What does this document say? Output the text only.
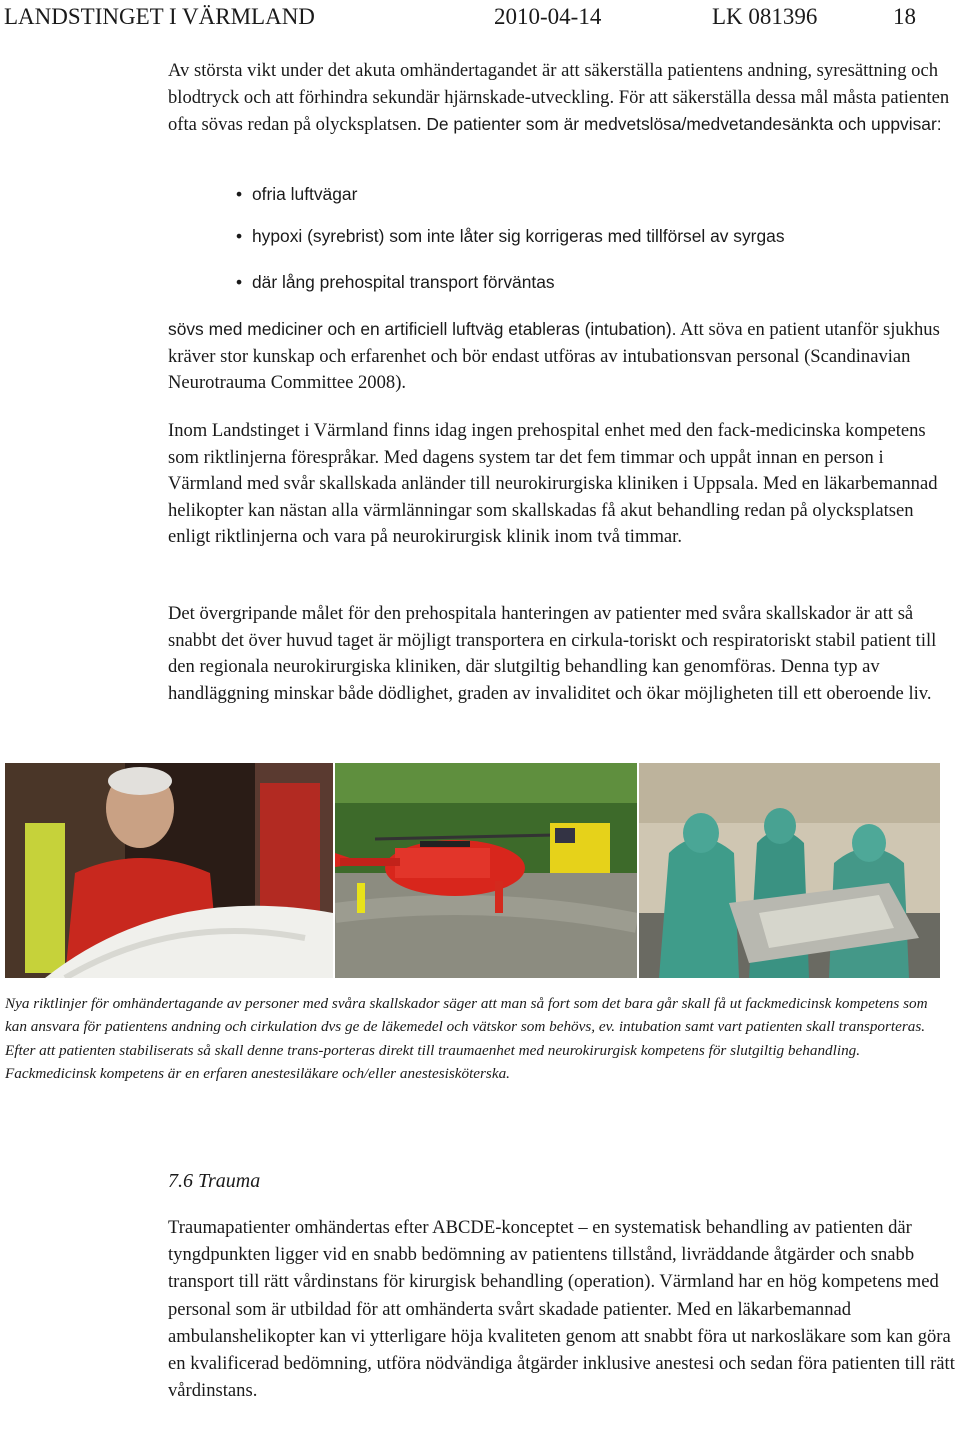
LANDSTINGET I VÄRMLAND	2010-04-14	LK 081396	18

Av största vikt under det akuta omhändertagandet är att säkerställa patientens andning, syresättning och blodtryck och att förhindra sekundär hjärnskade-utveckling. För att säkerställa dessa mål måsta patienten ofta sövas redan på olycksplatsen. De patienter som är medvetslösa/medvetandesänkta och uppvisar:

• ofria luftvägar
• hypoxi (syrebrist) som inte låter sig korrigeras med tillförsel av syrgas
• där lång prehospital transport förväntas

sövs med mediciner och en artificiell luftväg etableras (intubation). Att söva en patient utanför sjukhus kräver stor kunskap och erfarenhet och bör endast utföras av intubationsvan personal (Scandinavian Neurotrauma Committee 2008).

Inom Landstinget i Värmland finns idag ingen prehospital enhet med den fack-medicinska kompetens som riktlinjerna förespråkar. Med dagens system tar det fem timmar och uppåt innan en person i Värmland med svår skallskada anländer till neurokirurgiska kliniken i Uppsala. Med en läkarbemannad helikopter kan nästan alla värmlänningar som skallskadas få akut behandling redan på olycksplatsen enligt riktlinjerna och vara på neurokirurgisk klinik inom två timmar.

Det övergripande målet för den prehospitala hanteringen av patienter med svåra skallskador är att så snabbt det över huvud taget är möjligt transportera en cirkula-toriskt och respiratoriskt stabil patient till den regionala neurokirurgiska kliniken, där slutgiltig behandling kan genomföras. Denna typ av handläggning minskar både dödlighet, graden av invaliditet och ökar möjligheten till ett oberoende liv.

Nya riktlinjer för omhändertagande av personer med svåra skallskador säger att man så fort som det bara går skall få ut fackmedicinsk kompetens som kan ansvara för patientens andning och cirkulation dvs ge de läkemedel och vätskor som behövs, ev. intubation samt vart patienten skall transporteras. Efter att patienten stabiliserats så skall denne trans-porteras direkt till traumaenhet med neurokirurgisk kompetens för slutgiltig behandling. Fackmedicinsk kompetens är en erfaren anestesiläkare och/eller anestesisköterska.

7.6 Trauma

Traumapatienter omhändertas efter ABCDE-konceptet – en systematisk behandling av patienten där tyngdpunkten ligger vid en snabb bedömning av patientens tillstånd, livräddande åtgärder och snabb transport till rätt vårdinstans för kirurgisk behandling (operation). Värmland har en hög kompetens med personal som är utbildad för att omhänderta svårt skadade patienter. Med en läkarbemannad ambulanshelikopter kan vi ytterligare höja kvaliteten genom att snabbt föra ut narkosläkare som kan göra en kvalificerad bedömning, utföra nödvändiga åtgärder inklusive anestesi och sedan föra patienten till rätt vårdinstans.
